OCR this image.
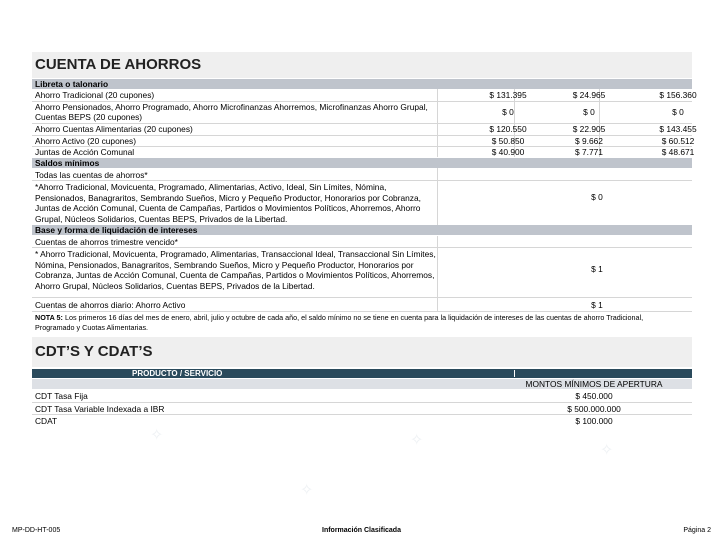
✧	✧
✧
✧
CUENTA DE AHORROS
Libreta o talonario
Ahorro Tradicional (20 cupones)	$ 131.395	$ 24.965	$ 156.360
Ahorro Pensionados, Ahorro Programado, Ahorro Microfinanzas Ahorremos, Microfinanzas Ahorro Grupal,
Cuentas BEPS (20 cupones)	$ 0	$ 0	$ 0
Ahorro Cuentas Alimentarias (20 cupones)	$ 120.550	$ 22.905	$ 143.455
Ahorro Activo (20 cupones)	$ 50.850	$ 9.662	$ 60.512
Juntas de Acción Comunal	$ 40.900	$ 7.771	$ 48.671
Saldos mínimos
Todas las cuentas de ahorros*
*Ahorro Tradicional, Movicuenta, Programado, Alimentarias, Activo, Ideal, Sin Límites, Nómina,
Pensionados, Banagraritos, Sembrando Sueños, Micro y Pequeño Productor, Honorarios por Cobranza,
Juntas de Acción Comunal, Cuenta de Campañas, Partidos o Movimientos Políticos, Ahorremos, Ahorro
Grupal, Núcleos Solidarios, Cuentas BEPS, Privados de la Libertad.
$ 0
Base y forma de liquidación de intereses
Cuentas de ahorros trimestre vencido*
* Ahorro Tradicional, Movicuenta, Programado, Alimentarias, Transaccional Ideal, Transaccional Sin Límites,
Nómina, Pensionados, Banagraritos, Sembrando Sueños, Micro y Pequeño Productor, Honorarios por
Cobranza, Juntas de Acción Comunal, Cuenta de Campañas, Partidos o Movimientos Políticos, Ahorremos,
Ahorro Grupal, Núcleos Solidarios, Cuentas BEPS, Privados de la Libertad.
$ 1
Cuentas de ahorros diario: Ahorro Activo	$ 1
NOTA 5: Los primeros 16 días del mes de enero, abril, julio y octubre de cada año, el saldo mínimo no se tiene en cuenta para la liquidación de intereses de las cuentas de ahorro Tradicional,
Programado y Cuotas Alimentarias.
CDT’S Y CDAT’S
PRODUCTO / SERVICIO
MONTOS MÍNIMOS DE APERTURA
CDT Tasa Fija	$ 450.000
CDT Tasa Variable Indexada a IBR	$ 500.000.000
CDAT	$ 100.000
MP-DD-HT-005	Información Clasificada	Página 2
